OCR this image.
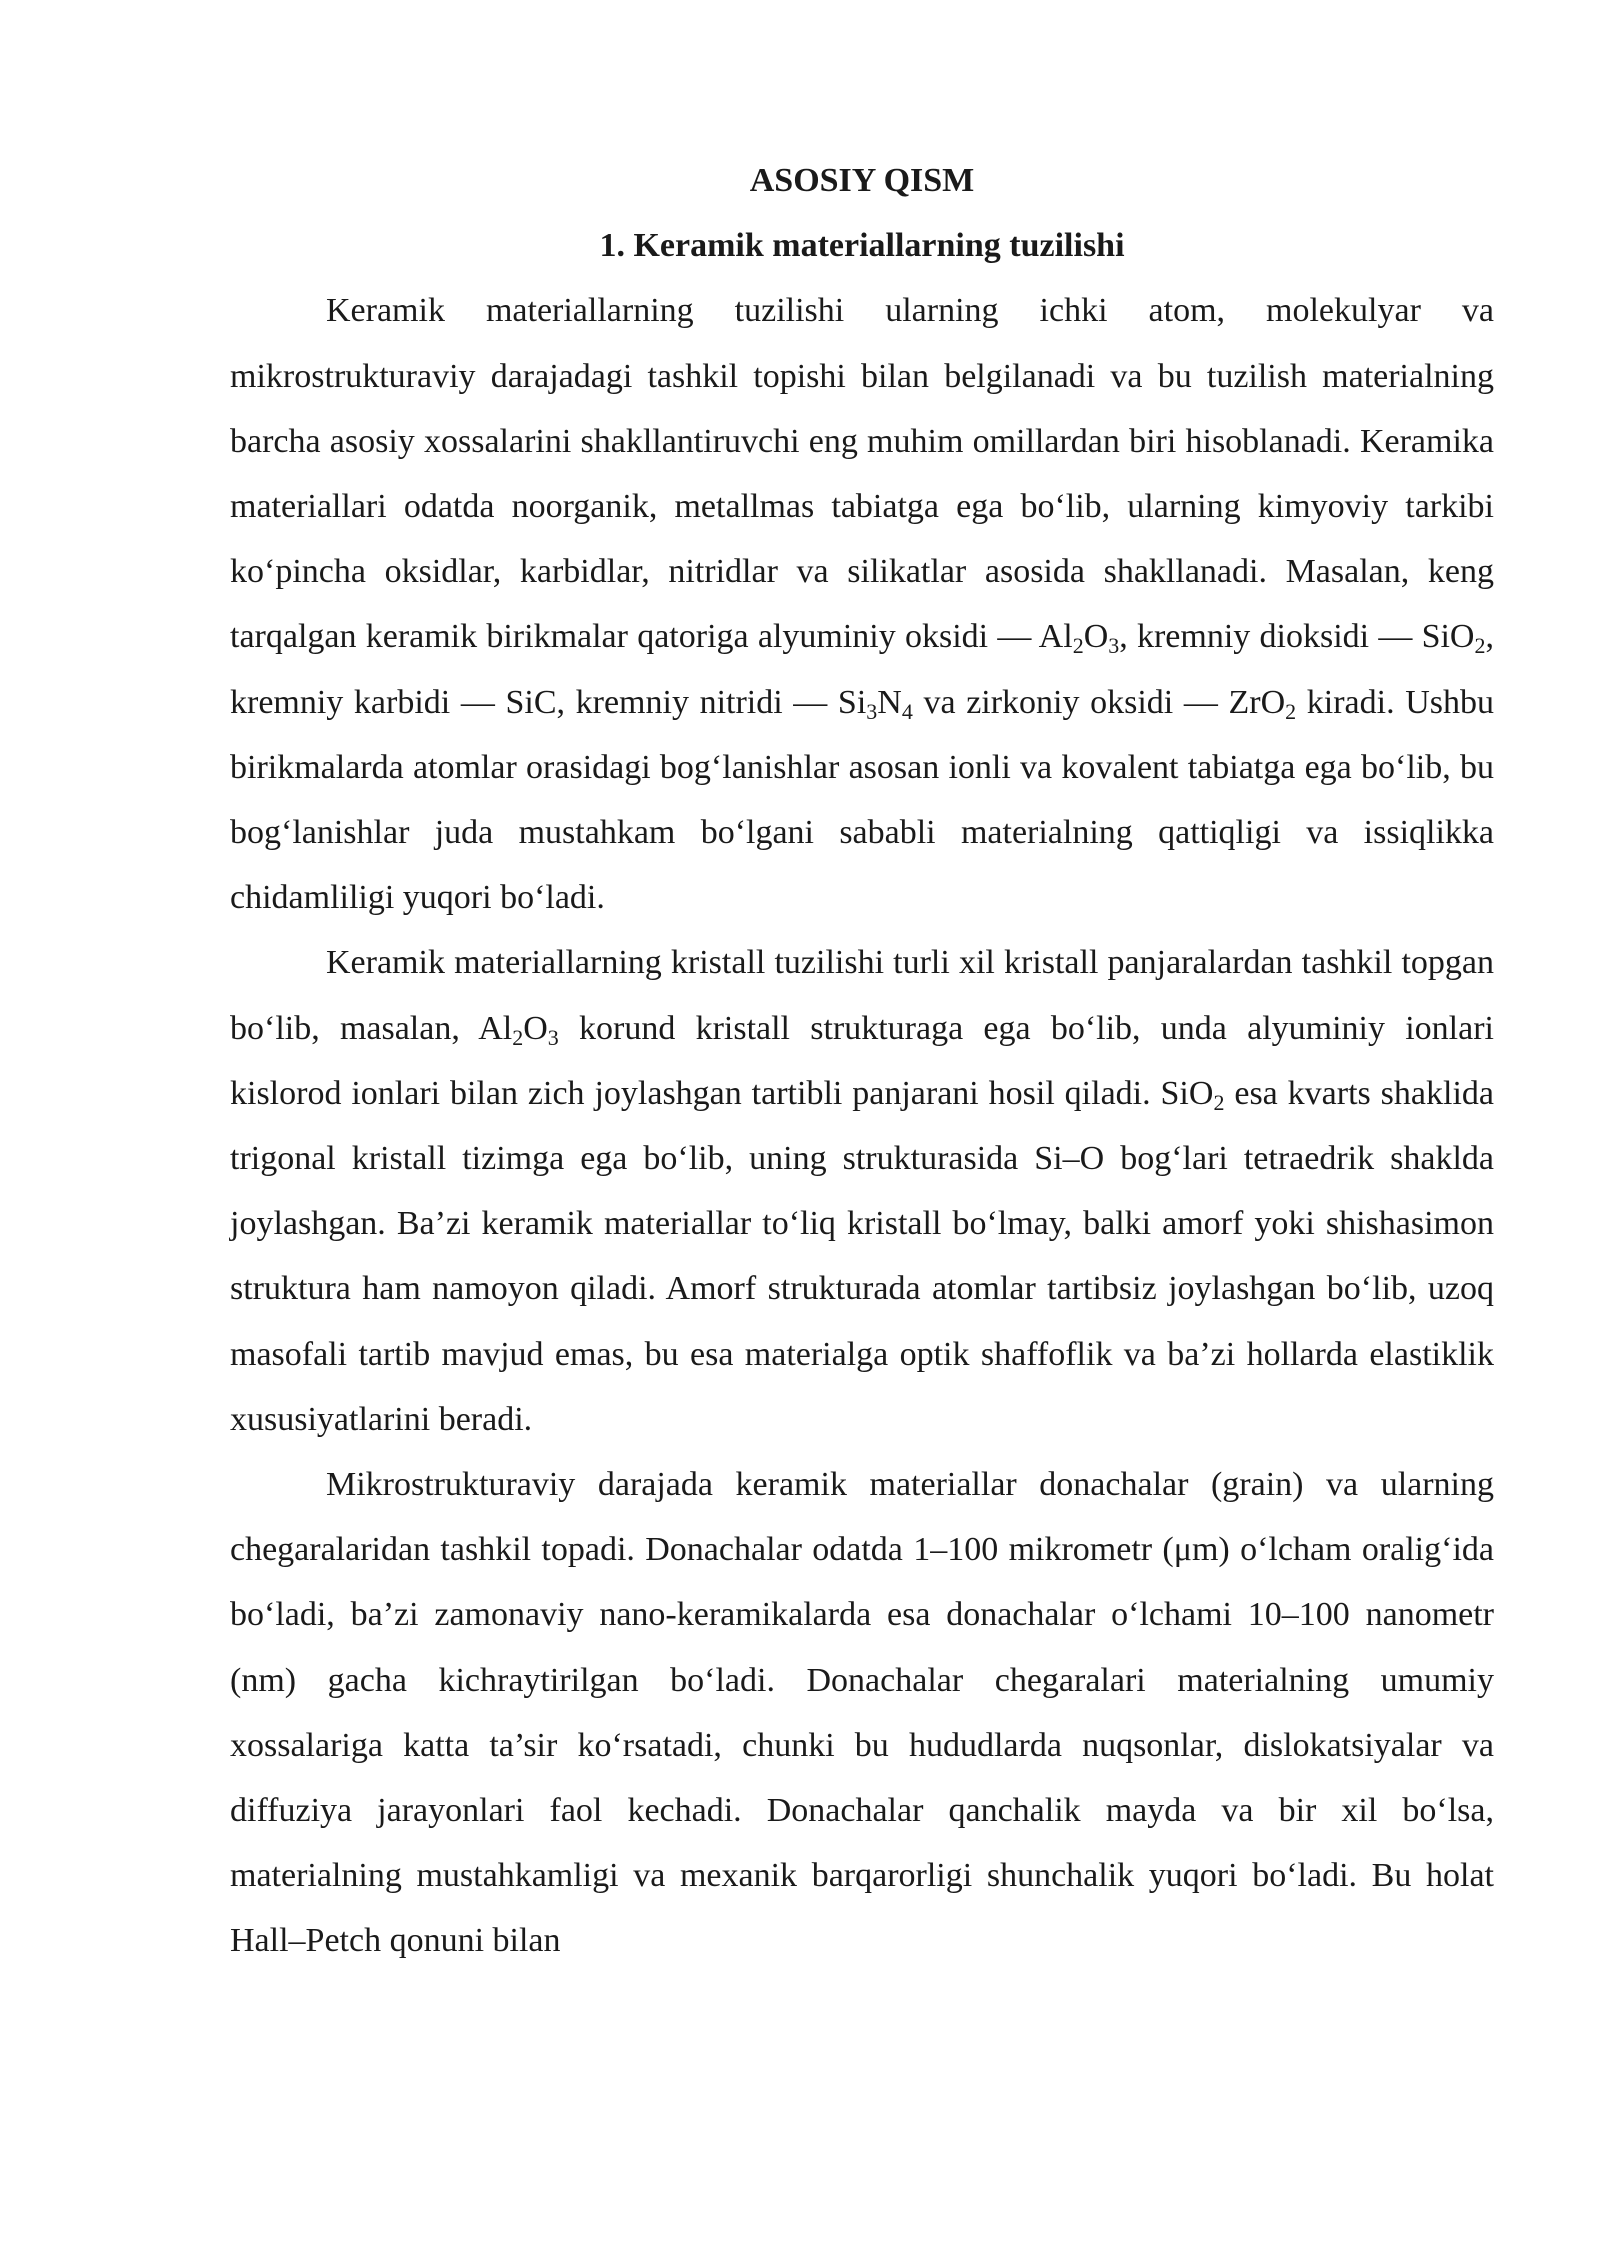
ASOSIY QISM

1. Keramik materiallarning tuzilishi

Keramik materiallarning tuzilishi ularning ichki atom, molekulyar va mikrostrukturaviy darajadagi tashkil topishi bilan belgilanadi va bu tuzilish materialning barcha asosiy xossalarini shakllantiruvchi eng muhim omillardan biri hisoblanadi. Keramika materiallari odatda noorganik, metallmas tabiatga ega bo‘lib, ularning kimyoviy tarkibi ko‘pincha oksidlar, karbidlar, nitridlar va silikatlar asosida shakllanadi. Masalan, keng tarqalgan keramik birikmalar qatoriga alyuminiy oksidi — $Al_2O_3$, kremniy dioksidi — SiO$_2$, kremniy karbidi — SiC, kremniy nitridi — $Si_3N_4$ va zirkoniy oksidi — ZrO$_2$ kiradi. Ushbu birikmalarda atomlar orasidagi bog‘lanishlar asosan ionli va kovalent tabiatga ega bo‘lib, bu bog‘lanishlar juda mustahkam bo‘lgani sababli materialning qattiqligi va issiqlikka chidamliligi yuqori bo‘ladi.

Keramik materiallarning kristall tuzilishi turli xil kristall panjaralardan tashkil topgan bo‘lib, masalan, $Al_2O_3$ korund kristall strukturaga ega bo‘lib, unda alyuminiy ionlari kislorod ionlari bilan zich joylashgan tartibli panjarani hosil qiladi. SiO$_2$ esa kvarts shaklida trigonal kristall tizimga ega bo‘lib, uning strukturasida Si–O bog‘lari tetraedrik shaklda joylashgan. Ba’zi keramik materiallar to‘liq kristall bo‘lmay, balki amorf yoki shishasimon struktura ham namoyon qiladi. Amorf strukturada atomlar tartibsiz joylashgan bo‘lib, uzoq masofali tartib mavjud emas, bu esa materialga optik shaffoflik va ba’zi hollarda elastiklik xususiyatlarini beradi.

Mikrostrukturaviy darajada keramik materiallar donachalar (grain) va ularning chegaralaridan tashkil topadi. Donachalar odatda 1–100 mikrometr (μm) o‘lcham oralig‘ida bo‘ladi, ba’zi zamonaviy nano-keramikalarda esa donachalar o‘lchami 10–100 nanometr (nm) gacha kichraytirilgan bo‘ladi. Donachalar chegaralari materialning umumiy xossalariga katta ta’sir ko‘rsatadi, chunki bu hududlarda nuqsonlar, dislokatsiyalar va diffuziya jarayonlari faol kechadi. Donachalar qanchalik mayda va bir xil bo‘lsa, materialning mustahkamligi va mexanik barqarorligi shunchalik yuqori bo‘ladi. Bu holat Hall–Petch qonuni bilan
